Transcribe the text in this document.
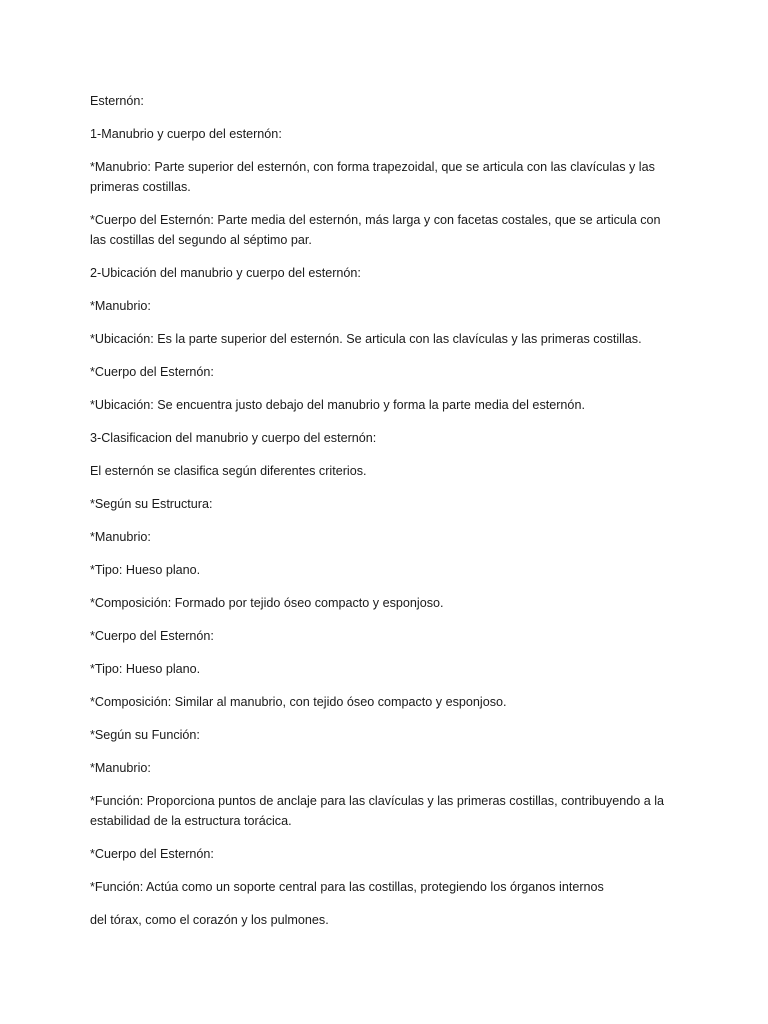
Esternón:

1-Manubrio y cuerpo del esternón:

*Manubrio: Parte superior del esternón, con forma trapezoidal, que se articula con las clavículas y las primeras costillas.

*Cuerpo del Esternón: Parte media del esternón, más larga y con facetas costales, que se articula con las costillas del segundo al séptimo par.

2-Ubicación del manubrio y cuerpo del esternón:

*Manubrio:

*Ubicación: Es la parte superior del esternón. Se articula con las clavículas y las primeras costillas.

*Cuerpo del Esternón:

*Ubicación: Se encuentra justo debajo del manubrio y forma la parte media del esternón.

3-Clasificacion del manubrio y cuerpo del esternón:

El esternón se clasifica según diferentes criterios.

*Según su Estructura:

*Manubrio:

*Tipo: Hueso plano.

*Composición: Formado por tejido óseo compacto y esponjoso.

*Cuerpo del Esternón:

*Tipo: Hueso plano.

*Composición: Similar al manubrio, con tejido óseo compacto y esponjoso.

*Según su Función:

*Manubrio:

*Función: Proporciona puntos de anclaje para las clavículas y las primeras costillas, contribuyendo a la estabilidad de la estructura torácica.

*Cuerpo del Esternón:

*Función: Actúa como un soporte central para las costillas, protegiendo los órganos internos

del tórax, como el corazón y los pulmones.
